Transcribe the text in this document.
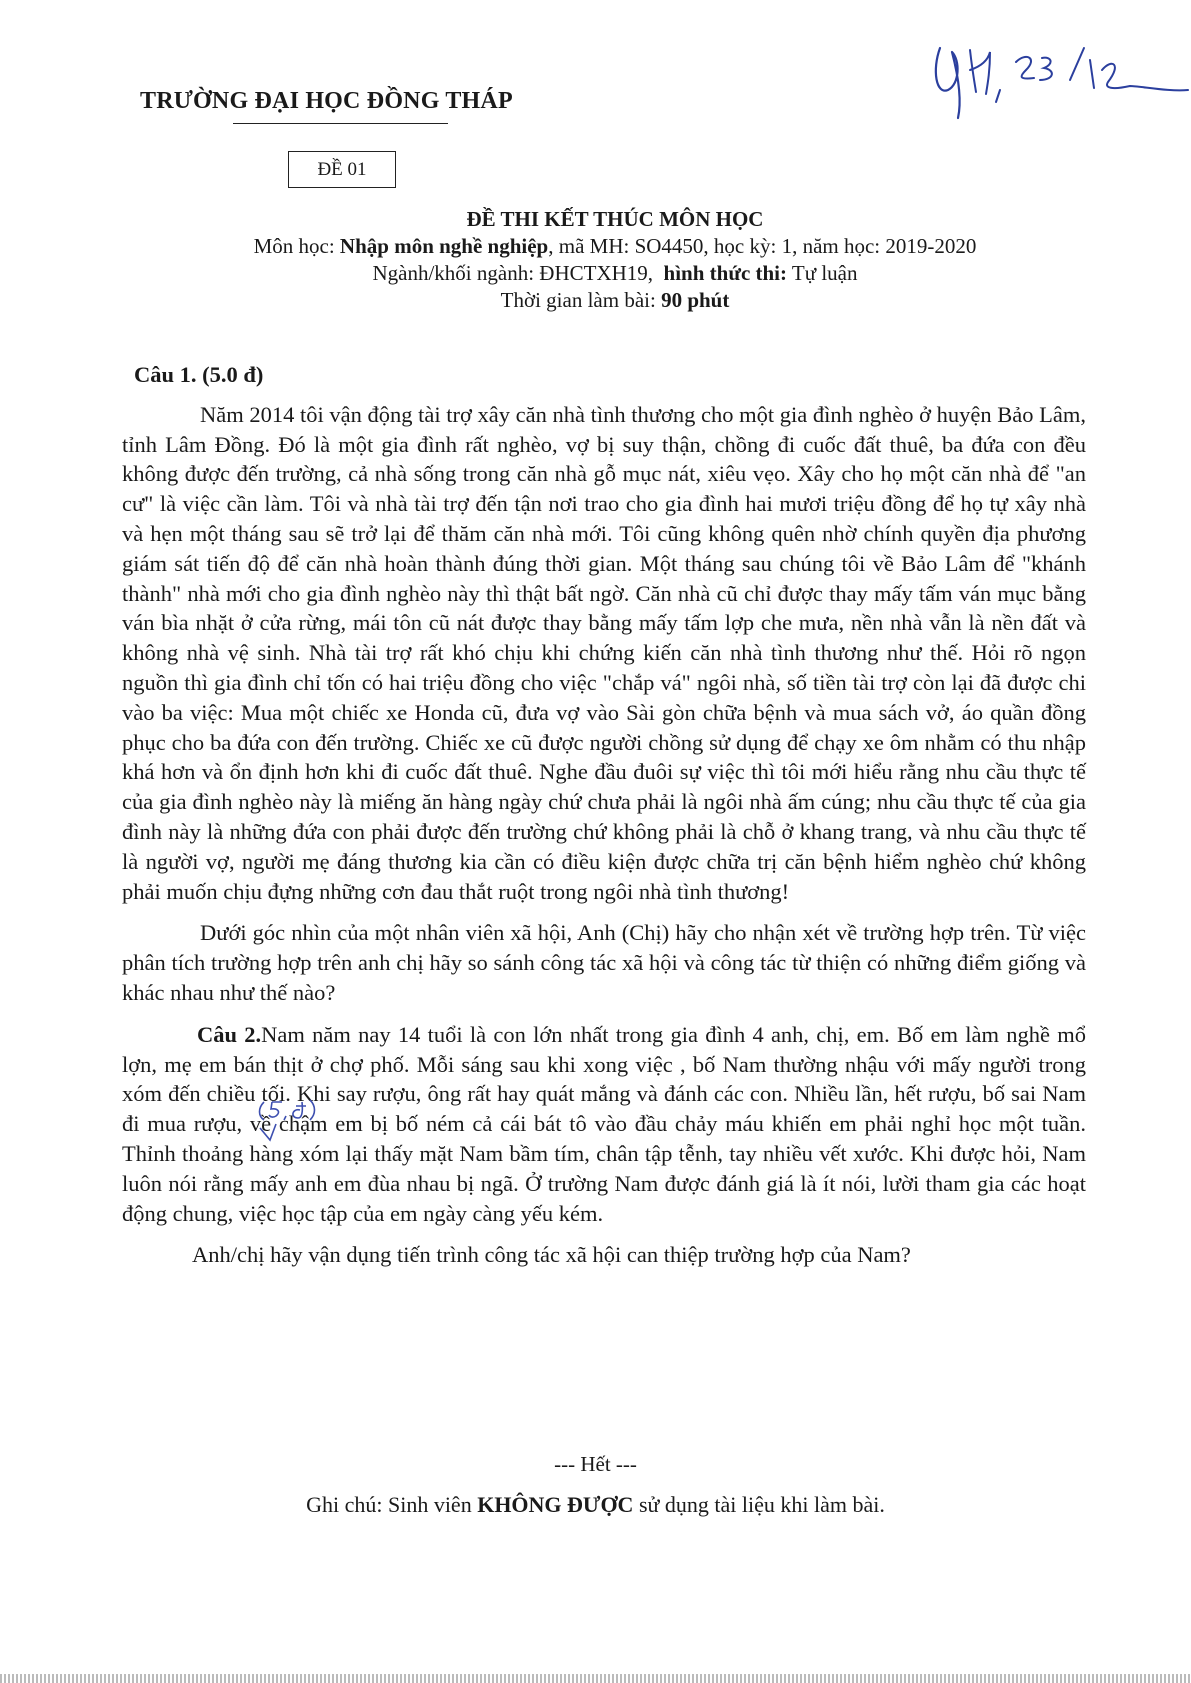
TRƯỜNG ĐẠI HỌC ĐỒNG THÁP
ĐỀ 01
ĐỀ THI KẾT THÚC MÔN HỌC
Môn học: Nhập môn nghề nghiệp, mã MH: SO4450, học kỳ: 1, năm học: 2019-2020
Ngành/khối ngành: ĐHCTXH19, hình thức thi: Tự luận
Thời gian làm bài: 90 phút
Câu 1. (5.0 đ)

Năm 2014 tôi vận động tài trợ xây căn nhà tình thương cho một gia đình nghèo ở huyện Bảo Lâm, tỉnh Lâm Đồng. Đó là một gia đình rất nghèo, vợ bị suy thận, chồng đi cuốc đất thuê, ba đứa con đều không được đến trường, cả nhà sống trong căn nhà gỗ mục nát, xiêu vẹo. Xây cho họ một căn nhà để "an cư" là việc cần làm. Tôi và nhà tài trợ đến tận nơi trao cho gia đình hai mươi triệu đồng để họ tự xây nhà và hẹn một tháng sau sẽ trở lại để thăm căn nhà mới. Tôi cũng không quên nhờ chính quyền địa phương giám sát tiến độ để căn nhà hoàn thành đúng thời gian. Một tháng sau chúng tôi về Bảo Lâm để "khánh thành" nhà mới cho gia đình nghèo này thì thật bất ngờ. Căn nhà cũ chỉ được thay mấy tấm ván mục bằng ván bìa nhặt ở cửa rừng, mái tôn cũ nát được thay bằng mấy tấm lợp che mưa, nền nhà vẫn là nền đất và không nhà vệ sinh. Nhà tài trợ rất khó chịu khi chứng kiến căn nhà tình thương như thế. Hỏi rõ ngọn nguồn thì gia đình chỉ tốn có hai triệu đồng cho việc "chắp vá" ngôi nhà, số tiền tài trợ còn lại đã được chi vào ba việc: Mua một chiếc xe Honda cũ, đưa vợ vào Sài gòn chữa bệnh và mua sách vở, áo quần đồng phục cho ba đứa con đến trường. Chiếc xe cũ được người chồng sử dụng để chạy xe ôm nhằm có thu nhập khá hơn và ổn định hơn khi đi cuốc đất thuê. Nghe đầu đuôi sự việc thì tôi mới hiểu rằng nhu cầu thực tế của gia đình nghèo này là miếng ăn hàng ngày chứ chưa phải là ngôi nhà ấm cúng; nhu cầu thực tế của gia đình này là những đứa con phải được đến trường chứ không phải là chỗ ở khang trang, và nhu cầu thực tế là người vợ, người mẹ đáng thương kia cần có điều kiện được chữa trị căn bệnh hiểm nghèo chứ không phải muốn chịu đựng những cơn đau thắt ruột trong ngôi nhà tình thương!

Dưới góc nhìn của một nhân viên xã hội, Anh (Chị) hãy cho nhận xét về trường hợp trên. Từ việc phân tích trường hợp trên anh chị hãy so sánh công tác xã hội và công tác từ thiện có những điểm giống và khác nhau như thế nào?

Câu 2.Nam năm nay 14 tuổi là con lớn nhất trong gia đình 4 anh, chị, em. Bố em làm nghề mổ lợn, mẹ em bán thịt ở chợ phố. Mỗi sáng sau khi xong việc , bố Nam thường nhậu với mấy người trong xóm đến chiều tối. Khi say rượu, ông rất hay quát mắng và đánh các con. Nhiều lần, hết rượu, bố sai Nam đi mua rượu, về chậm em bị bố ném cả cái bát tô vào đầu chảy máu khiến em phải nghỉ học một tuần. Thỉnh thoảng hàng xóm lại thấy mặt Nam bầm tím, chân tập tễnh, tay nhiều vết xước. Khi được hỏi, Nam luôn nói rằng mấy anh em đùa nhau bị ngã. Ở trường Nam được đánh giá là ít nói, lười tham gia các hoạt động chung, việc học tập của em ngày càng yếu kém.

Anh/chị hãy vận dụng tiến trình công tác xã hội can thiệp trường hợp của Nam?

--- Hết ---
Ghi chú: Sinh viên KHÔNG ĐƯỢC sử dụng tài liệu khi làm bài.
